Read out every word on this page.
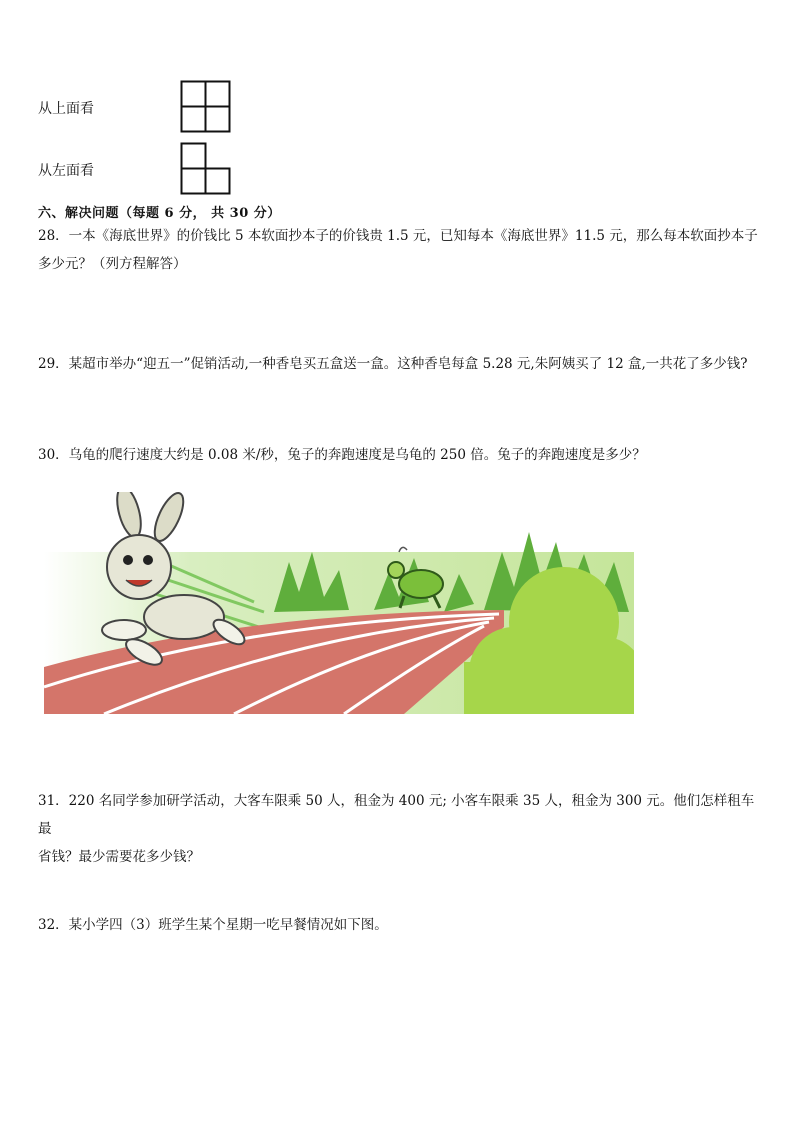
从上面看
从左面看
六、解决问题（每题 6 分， 共 30 分）
28．一本《海底世界》的价钱比 5 本软面抄本子的价钱贵 1.5 元，已知每本《海底世界》11.5 元，那么每本软面抄本子
多少元？（列方程解答）
29．某超市举办“迎五一”促销活动,一种香皂买五盒送一盒。这种香皂每盒 5.28 元,朱阿姨买了 12 盒,一共花了多少钱?
30．乌龟的爬行速度大约是 0.08 米/秒，兔子的奔跑速度是乌龟的 250 倍。兔子的奔跑速度是多少？
31．220 名同学参加研学活动，大客车限乘 50 人，租金为 400 元; 小客车限乘 35 人，租金为 300 元。他们怎样租车最
省钱？最少需要花多少钱？
32．某小学四（3）班学生某个星期一吃早餐情况如下图。
